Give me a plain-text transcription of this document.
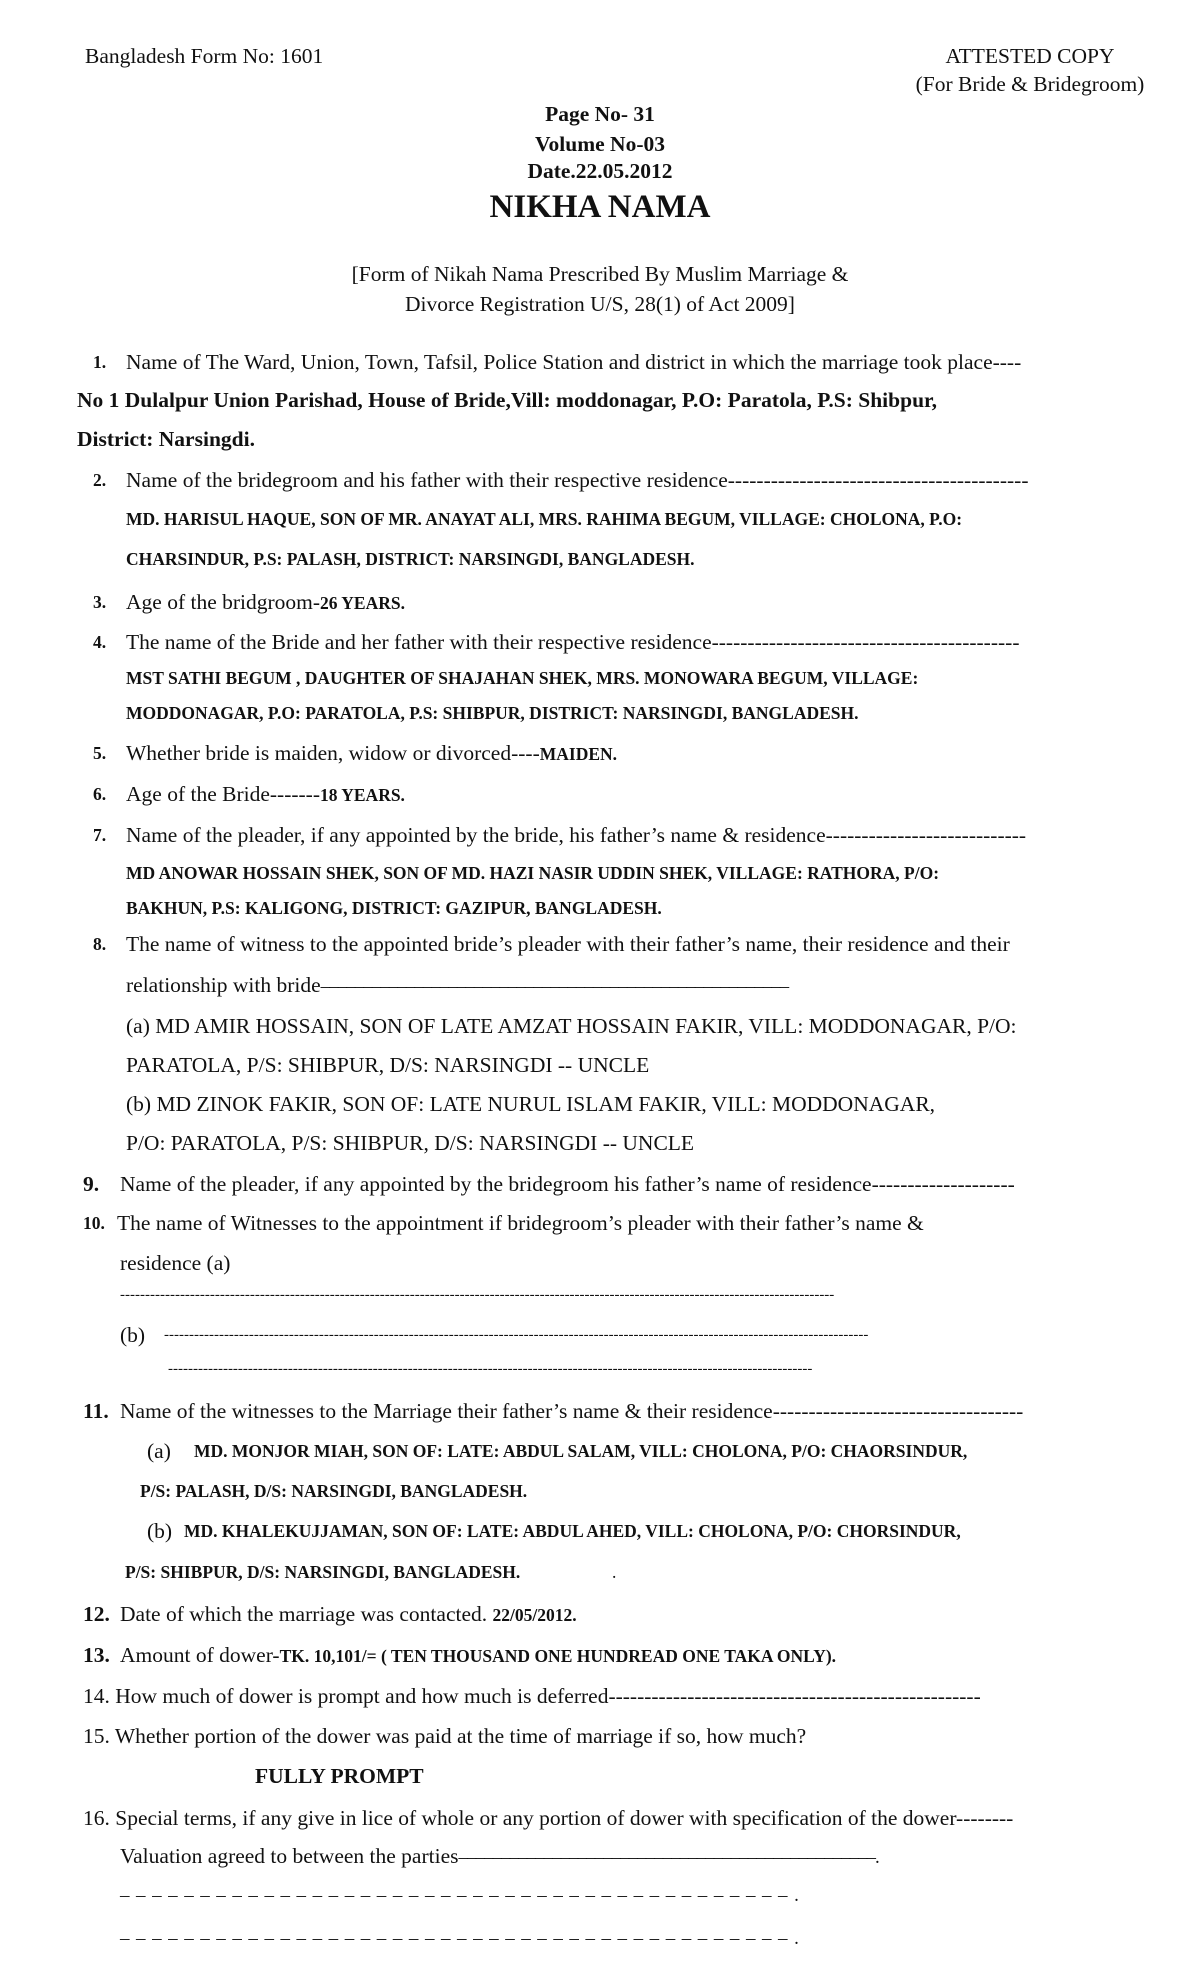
Bangladesh Form No: 1601	ATTESTED COPY
(For Bride & Bridegroom)
Page No- 31
Volume No-03
Date.22.05.2012
NIKHA NAMA
[Form of Nikah Nama Prescribed By Muslim Marriage &
Divorce Registration U/S, 28(1) of Act 2009]
1. Name of The Ward, Union, Town, Tafsil, Police Station and district in which the marriage took place----
No 1 Dulalpur Union Parishad, House of Bride,Vill: moddonagar, P.O: Paratola, P.S: Shibpur,
District: Narsingdi.
2. Name of the bridegroom and his father with their respective residence------------------------------------------
MD. HARISUL HAQUE, SON OF MR. ANAYAT ALI, MRS. RAHIMA BEGUM, VILLAGE: CHOLONA, P.O:
CHARSINDUR, P.S: PALASH, DISTRICT: NARSINGDI, BANGLADESH.
3. Age of the bridgroom-26 YEARS.
4. The name of the Bride and her father with their respective residence-------------------------------------------
MST SATHI BEGUM , DAUGHTER OF SHAJAHAN SHEK, MRS. MONOWARA BEGUM, VILLAGE:
MODDONAGAR, P.O: PARATOLA, P.S: SHIBPUR, DISTRICT: NARSINGDI, BANGLADESH.
5. Whether bride is maiden, widow or divorced----MAIDEN.
6. Age of the Bride-------18 YEARS.
7. Name of the pleader, if any appointed by the bride, his father’s name & residence----------------------------
MD ANOWAR HOSSAIN SHEK, SON OF MD. HAZI NASIR UDDIN SHEK, VILLAGE: RATHORA, P/O:
BAKHUN, P.S: KALIGONG, DISTRICT: GAZIPUR, BANGLADESH.
8. The name of witness to the appointed bride’s pleader with their father’s name, their residence and their
relationship with bride–––––––––––––––––––––––––––––––––––––––––––––––––––––––
(a) MD AMIR HOSSAIN, SON OF LATE AMZAT HOSSAIN FAKIR, VILL: MODDONAGAR, P/O:
PARATOLA, P/S: SHIBPUR, D/S: NARSINGDI -- UNCLE
(b) MD ZINOK FAKIR, SON OF: LATE NURUL ISLAM FAKIR, VILL: MODDONAGAR,
P/O: PARATOLA, P/S: SHIBPUR, D/S: NARSINGDI -- UNCLE
9. Name of the pleader, if any appointed by the bridegroom his father’s name of residence--------------------
10. The name of Witnesses to the appointment if bridegroom’s pleader with their father’s name &
residence (a)
-----------------------------------------------------------------------------------------------------------------------------------------------
(b) ---------------------------------------------------------------------------------------------------------------------------------------------
---------------------------------------------------------------------------------------------------------------------------------
11. Name of the witnesses to the Marriage their father’s name & their residence-----------------------------------
(a) MD. MONJOR MIAH, SON OF: LATE: ABDUL SALAM, VILL: CHOLONA, P/O: CHAORSINDUR,
P/S: PALASH, D/S: NARSINGDI, BANGLADESH.
(b) MD. KHALEKUJJAMAN, SON OF: LATE: ABDUL AHED, VILL: CHOLONA, P/O: CHORSINDUR,
P/S: SHIBPUR, D/S: NARSINGDI, BANGLADESH.	.
12. Date of which the marriage was contacted. 22/05/2012.
13. Amount of dower-TK. 10,101/= ( TEN THOUSAND ONE HUNDREAD ONE TAKA ONLY).
14. How much of dower is prompt and how much is deferred----------------------------------------------------
15. Whether portion of the dower was paid at the time of marriage if so, how much?
FULLY PROMPT
16. Special terms, if any give in lice of whole or any portion of dower with specification of the dower--------
Valuation agreed to between the parties–––––––––––––––––––––––––––––––––––––––––––––––––.
– – – – – – – – – – – – – – – – – – – – – – – – – – – – – – – – – – – – – – – – – – .
– – – – – – – – – – – – – – – – – – – – – – – – – – – – – – – – – – – – – – – – – – .
